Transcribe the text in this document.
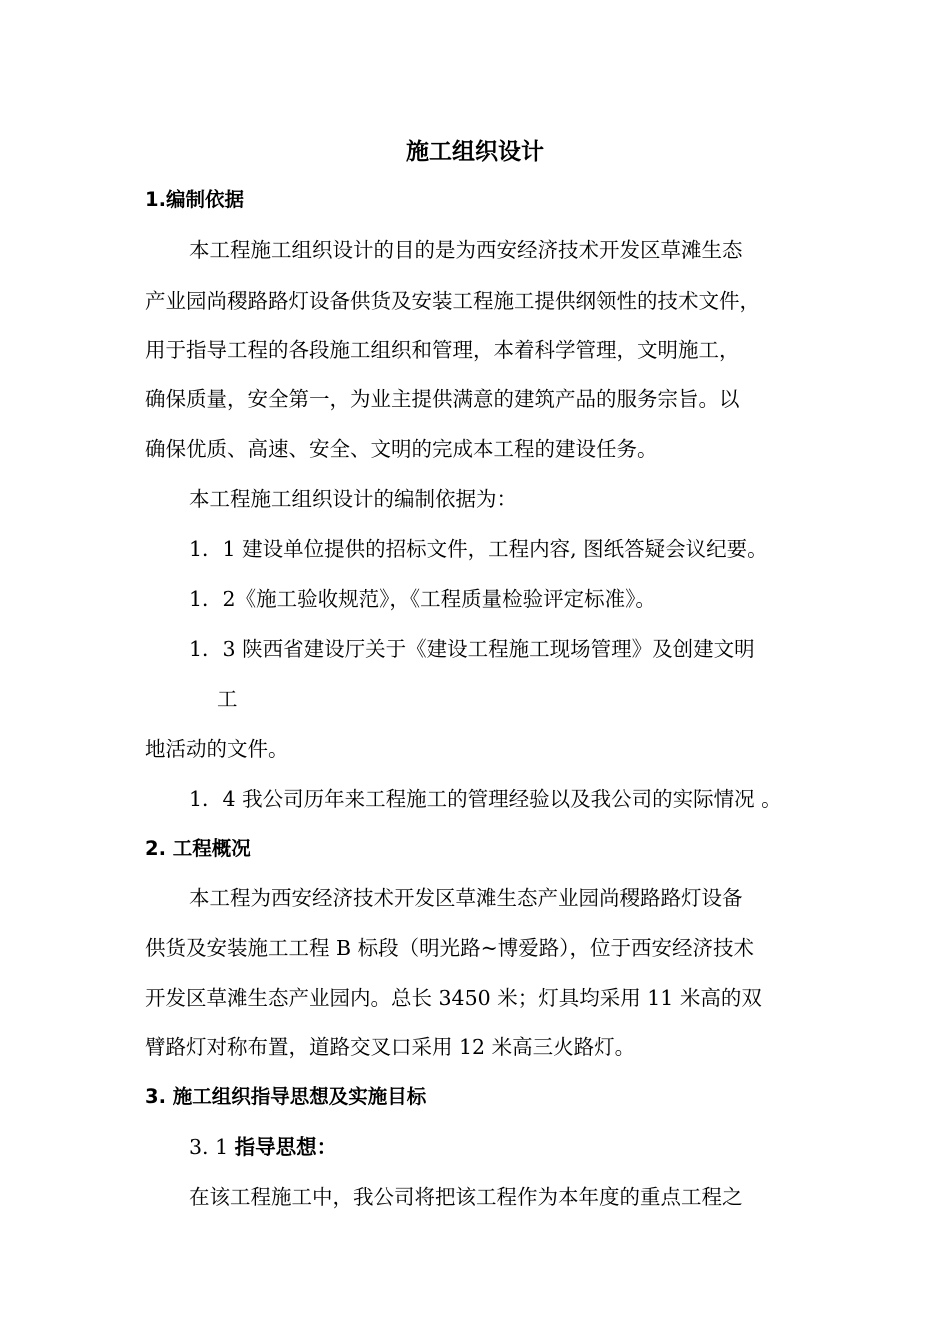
施工组织设计
1.编制依据
本工程施工组织设计的目的是为西安经济技术开发区草滩生态
产业园尚稷路路灯设备供货及安装工程施工提供纲领性的技术文件，
用于指导工程的各段施工组织和管理，本着科学管理，文明施工，
确保质量，安全第一，为业主提供满意的建筑产品的服务宗旨。以
确保优质、高速、安全、文明的完成本工程的建设任务。
本工程施工组织设计的编制依据为：
1．1 建设单位提供的招标文件，工程内容, 图纸答疑会议纪要。
1．2《施工验收规范》，《工程质量检验评定标准》。
1．3 陕西省建设厅关于《建设工程施工现场管理》及创建文明
工
地活动的文件。
1．4 我公司历年来工程施工的管理经验以及我公司的实际情况 。
2. 工程概况
本工程为西安经济技术开发区草滩生态产业园尚稷路路灯设备
供货及安装施工工程 B 标段（明光路~博爱路），位于西安经济技术
开发区草滩生态产业园内。总长 3450 米；灯具均采用 11 米高的双
臂路灯对称布置，道路交叉口采用 12 米高三火路灯。
3. 施工组织指导思想及实施目标
3. 1 指导思想：
在该工程施工中，我公司将把该工程作为本年度的重点工程之
